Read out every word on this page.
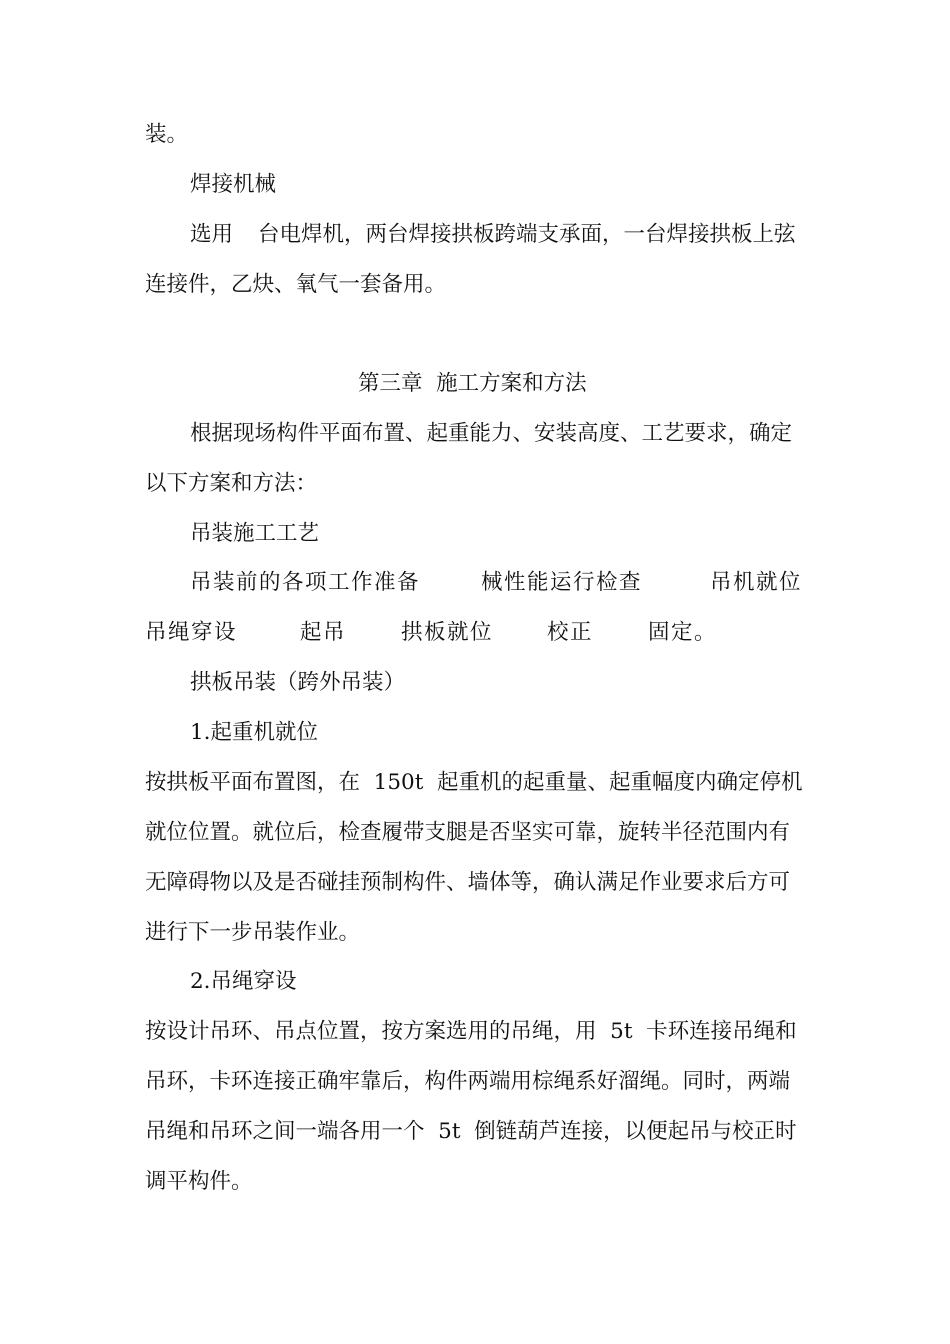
装。
焊接机械
选用 台电焊机，两台焊接拱板跨端支承面，一台焊接拱板上弦
连接件，乙炔、氧气一套备用。
第三章  施工方案和方法
根据现场构件平面布置、起重能力、安装高度、工艺要求，确定
以下方案和方法：
吊装施工工艺
吊装前的各项工作准备	械性能运行检查	吊机就位
吊绳穿设	起吊	拱板就位	校正	固定。
拱板吊装（跨外吊装）
1.起重机就位
按拱板平面布置图，在  150t  起重机的起重量、起重幅度内确定停机
就位位置。就位后，检查履带支腿是否坚实可靠，旋转半径范围内有
无障碍物以及是否碰挂预制构件、墙体等，确认满足作业要求后方可
进行下一步吊装作业。
2.吊绳穿设
按设计吊环、吊点位置，按方案选用的吊绳，用  5t  卡环连接吊绳和
吊环，卡环连接正确牢靠后，构件两端用棕绳系好溜绳。同时，两端
吊绳和吊环之间一端各用一个  5t  倒链葫芦连接，以便起吊与校正时
调平构件。
